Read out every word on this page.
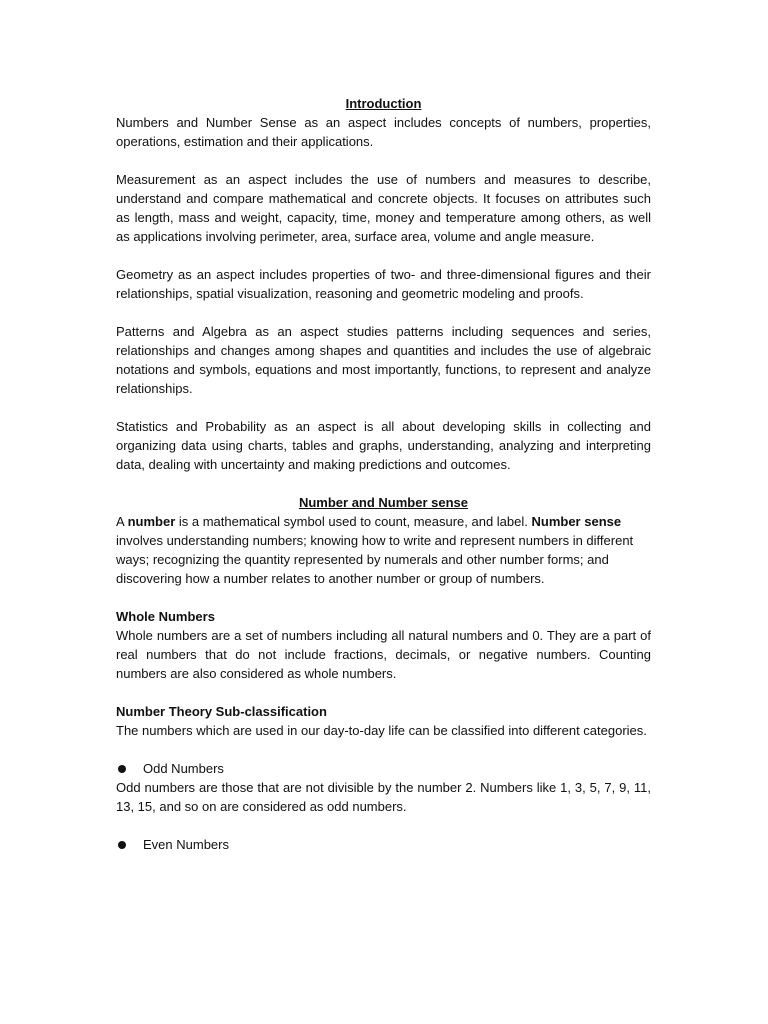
Introduction

Numbers and Number Sense as an aspect includes concepts of numbers, properties, operations, estimation and their applications.

Measurement as an aspect includes the use of numbers and measures to describe, understand and compare mathematical and concrete objects. It focuses on attributes such as length, mass and weight, capacity, time, money and temperature among others, as well as applications involving perimeter, area, surface area, volume and angle measure.

Geometry as an aspect includes properties of two- and three-dimensional figures and their relationships, spatial visualization, reasoning and geometric modeling and proofs.

Patterns and Algebra as an aspect studies patterns including sequences and series, relationships and changes among shapes and quantities and includes the use of algebraic notations and symbols, equations and most importantly, functions, to represent and analyze relationships.

Statistics and Probability as an aspect is all about developing skills in collecting and organizing data using charts, tables and graphs, understanding, analyzing and interpreting data, dealing with uncertainty and making predictions and outcomes.

Number and Number sense

A number is a mathematical symbol used to count, measure, and label. Number sense involves understanding numbers; knowing how to write and represent numbers in different ways; recognizing the quantity represented by numerals and other number forms; and discovering how a number relates to another number or group of numbers.

Whole Numbers

Whole numbers are a set of numbers including all natural numbers and 0. They are a part of real numbers that do not include fractions, decimals, or negative numbers. Counting numbers are also considered as whole numbers.

Number Theory Sub-classification

The numbers which are used in our day-to-day life can be classified into different categories.

Odd Numbers

Odd numbers are those that are not divisible by the number 2. Numbers like 1, 3, 5, 7, 9, 11, 13, 15, and so on are considered as odd numbers.

Even Numbers
